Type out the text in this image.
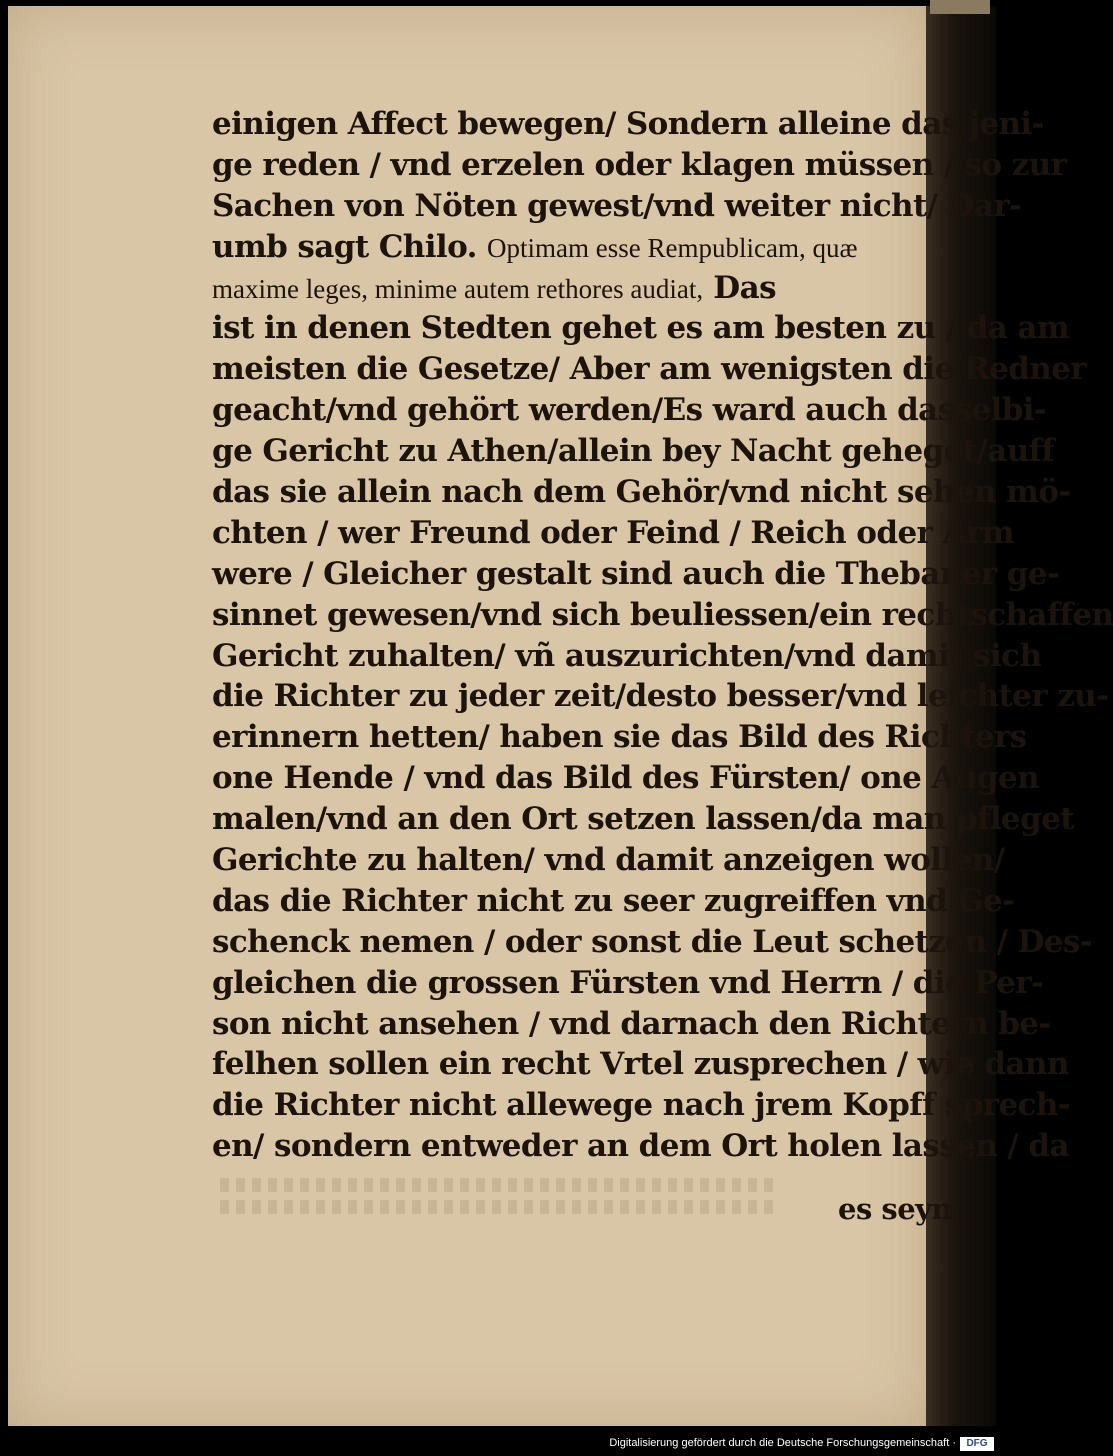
einigen Affect bewegen/ Sondern alleine das jeni‐
ge reden / vnd erzelen oder klagen müssen / so zur
Sachen von Nöten gewest/vnd weiter nicht/ Dar‐
umb sagt Chilo. Optimam esse Rempublicam, quæ
maxime leges, minime autem rethores audiat, Das
ist in denen Stedten gehet es am besten zu / da am
meisten die Gesetze/ Aber am wenigsten die Redner
geacht/vnd gehört werden/Es ward auch dasselbi‐
ge Gericht zu Athen/allein bey Nacht geheget/auff
das sie allein nach dem Gehör/vnd nicht sehen mö‐
chten / wer Freund oder Feind / Reich oder Arm
were / Gleicher gestalt sind auch die Thebaner ge‐
sinnet gewesen/vnd sich beuliessen/ein rechtschaffen
Gericht zuhalten/ vñ auszurichten/vnd damit sich
die Richter zu jeder zeit/desto besser/vnd leichter zu‐
erinnern hetten/ haben sie das Bild des Richters
one Hende / vnd das Bild des Fürsten/ one Augen
malen/vnd an den Ort setzen lassen/da man pfleget
Gerichte zu halten/ vnd damit anzeigen wollen/
das die Richter nicht zu seer zugreiffen vnd Ge‐
schenck nemen / oder sonst die Leut schetzen / Des‐
gleichen die grossen Fürsten vnd Herrn / die Per‐
son nicht ansehen / vnd darnach den Richtern be‐
felhen sollen ein recht Vrtel zusprechen / wie dann
die Richter nicht allewege nach jrem Kopff sprech‐
en/ sondern entweder an dem Ort holen lassen / da
es seyn.
Digitalisierung gefördert durch die Deutsche Forschungsgemeinschaft ·	DFG
